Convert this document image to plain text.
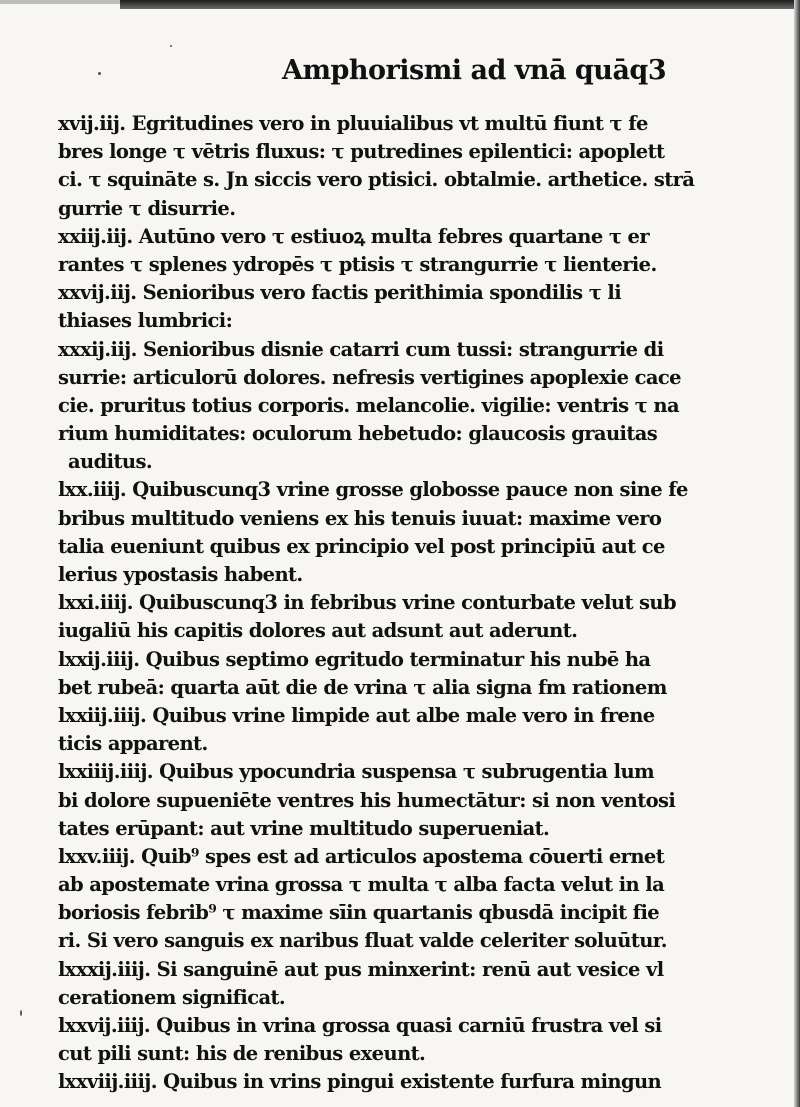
Amphorismi ad vnā quāq3
xvij.iij. Egritudines vero in pluuialibus vt multū fiunt τ fe
bres longe τ vētris fluxus: τ putredines epilentici: apoplett
ci. τ squināte s. Jn siccis vero ptisici. obtalmie. arthetice. strā
gurrie τ disurrie.
xxiij.iij. Autūno vero τ estiuoꝝ multa febres quartane τ er
rantes τ splenes ydropēs τ ptisis τ strangurrie τ lienterie.
xxvij.iij. Senioribus vero factis perithimia spondilis τ li
thiases lumbrici:
xxxij.iij. Senioribus disnie catarri cum tussi: strangurrie di
surrie: articulorū dolores. nefresis vertigines apoplexie cace
cie. pruritus totius corporis. melancolie. vigilie: ventris τ na
rium humiditates: oculorum hebetudo: glaucosis grauitas
auditus.
lxx.iiij. Quibuscunq3 vrine grosse globosse pauce non sine fe
bribus multitudo veniens ex his tenuis iuuat: maxime vero
talia eueniunt quibus ex principio vel post principiū aut ce
lerius ypostasis habent.
lxxi.iiij. Quibuscunq3 in febribus vrine conturbate velut sub
iugaliū his capitis dolores aut adsunt aut aderunt.
lxxij.iiij. Quibus septimo egritudo terminatur his nubē ha
bet rubeā: quarta aūt die de vrina τ alia signa fm rationem
lxxiij.iiij. Quibus vrine limpide aut albe male vero in frene
ticis apparent.
lxxiiij.iiij. Quibus ypocundria suspensa τ subrugentia lum
bi dolore supueniēte ventres his humectātur: si non ventosi
tates erūpant: aut vrine multitudo superueniat.
lxxv.iiij. Quib⁹ spes est ad articulos apostema cōuerti ernet
ab apostemate vrina grossa τ multa τ alba facta velut in la
boriosis febrib⁹ τ maxime sīin quartanis qbusdā incipit fie
ri. Si vero sanguis ex naribus fluat valde celeriter soluūtur.
lxxxij.iiij. Si sanguinē aut pus minxerint: renū aut vesice vl
cerationem significat.
lxxvij.iiij. Quibus in vrina grossa quasi carniū frustra vel si
cut pili sunt: his de renibus exeunt.
lxxviij.iiij. Quibus in vrins pingui existente furfura mingun
